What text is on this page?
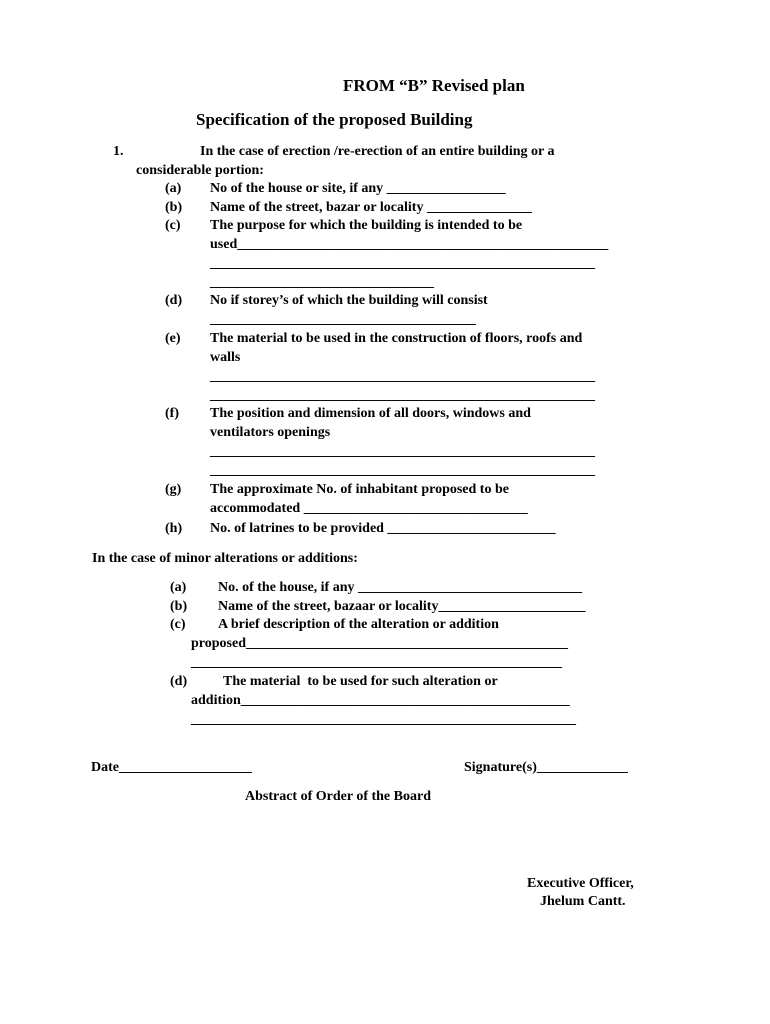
FROM “B” Revised plan
Specification of the proposed Building
1.	In the case of erection /re-erection of an entire building or a
considerable portion:
(a) No of the house or site, if any _________________
(b) Name of the street, bazar or locality _______________
(c) The purpose for which the building is intended to be
used_____________________________________________________
_______________________________________________________
________________________________
(d) No if storey’s of which the building will consist
______________________________________
(e) The material to be used in the construction of floors, roofs and
walls
_______________________________________________________
_______________________________________________________
(f) The position and dimension of all doors, windows and
ventilators openings
_______________________________________________________
_______________________________________________________
(g) The approximate No. of inhabitant proposed to be
accommodated ________________________________
(h) No. of latrines to be provided ________________________
In the case of minor alterations or additions:
(a) No. of the house, if any ________________________________
(b) Name of the street, bazaar or locality_____________________
(c) A brief description of the alteration or addition
proposed______________________________________________
_____________________________________________________
(d)	The material  to be used for such alteration or
addition_______________________________________________
_______________________________________________________
Date___________________	Signature(s)_____________
Abstract of Order of the Board
Executive Officer,
Jhelum Cantt.
